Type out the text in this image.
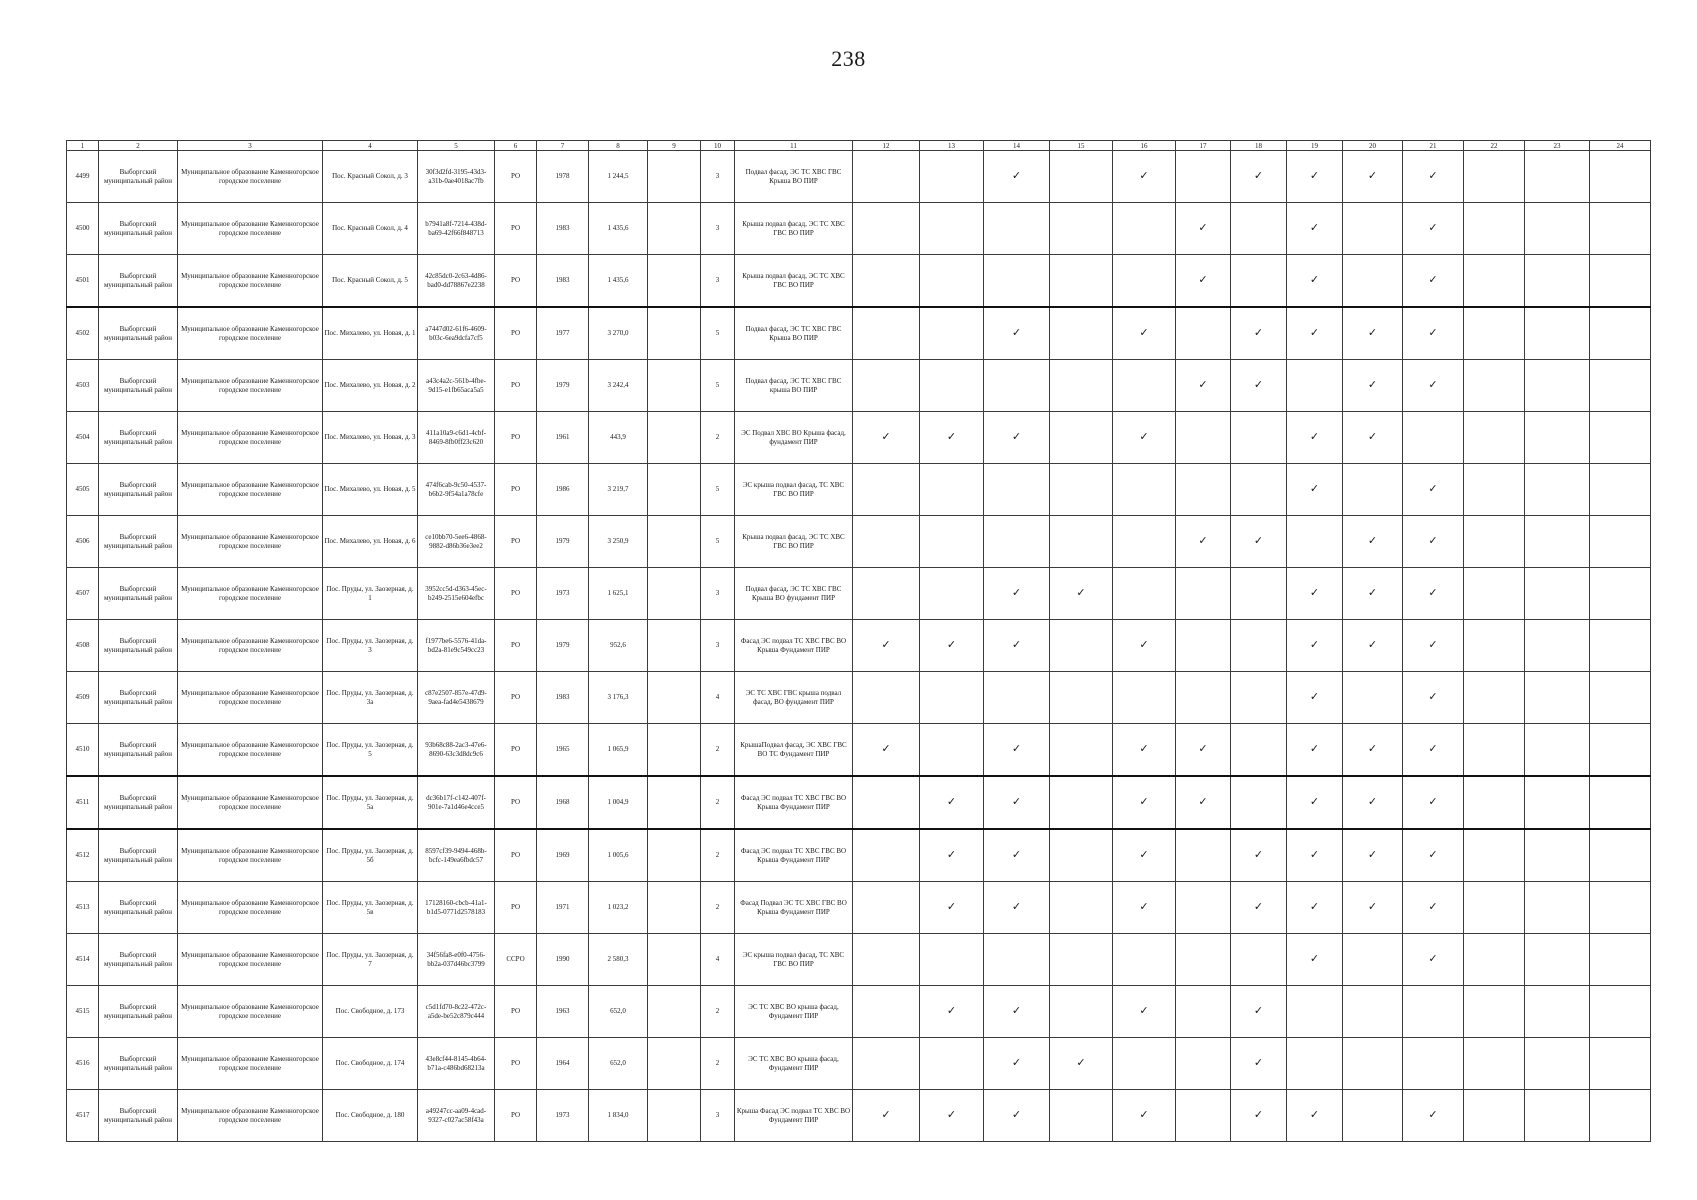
238
1	2	3	4	5	6	7	8	9	10	11	12	13	14	15	16	17	18	19	20	21	22	23	24
4499	Выборгский муниципальный район	Муниципальное образование Каменногорское городское поселение	Пос. Красный Сокол, д. 3	30f3d2fd-3195-43d3-a31b-0ae4018ac7fb	РО	1978	1 244,5		3	Подвал фасад, ЭС ТС ХВС ГВС Крыша ВО ПИР			✓		✓		✓	✓	✓	✓			
4500	Выборгский муниципальный район	Муниципальное образование Каменногорское городское поселение	Пос. Красный Сокол, д. 4	b7941a8f-7214-438d-ba69-42f66f848713	РО	1983	1 435,6		3	Крыша подвал фасад, ЭС ТС ХВС ГВС ВО ПИР						✓		✓		✓			
4501	Выборгский муниципальный район	Муниципальное образование Каменногорское городское поселение	Пос. Красный Сокол, д. 5	42c85dc0-2c63-4d86-bad0-dd78867e2238	РО	1983	1 435,6		3	Крыша подвал фасад, ЭС ТС ХВС ГВС ВО ПИР						✓		✓		✓			
4502	Выборгский муниципальный район	Муниципальное образование Каменногорское городское поселение	Пос. Михалево, ул. Новая, д. 1	a7447d02-61f6-4609-b03c-6ea9dcfa7cf5	РО	1977	3 270,0		5	Подвал фасад, ЭС ТС ХВС ГВС Крыша ВО ПИР			✓		✓		✓	✓	✓	✓			
4503	Выборгский муниципальный район	Муниципальное образование Каменногорское городское поселение	Пос. Михалево, ул. Новая, д. 2	a43c4a2c-561b-4fbe-9d15-e1fb65aca5a5	РО	1979	3 242,4		5	Подвал фасад, ЭС ТС ХВС ГВС крыша ВО ПИР						✓	✓		✓	✓			
4504	Выборгский муниципальный район	Муниципальное образование Каменногорское городское поселение	Пос. Михалево, ул. Новая, д. 3	411a10a9-c6d1-4cbf-8469-8fb0ff23c620	РО	1961	443,9		2	ЭС Подвал ХВС ВО Крыша фасад, фундамент ПИР	✓	✓	✓		✓			✓	✓				
4505	Выборгский муниципальный район	Муниципальное образование Каменногорское городское поселение	Пос. Михалево, ул. Новая, д. 5	474f6cab-9c50-4537-b6b2-9f54a1a78cfe	РО	1986	3 219,7		5	ЭС крыша подвал фасад, ТС ХВС ГВС ВО ПИР								✓		✓			
4506	Выборгский муниципальный район	Муниципальное образование Каменногорское городское поселение	Пос. Михалево, ул. Новая, д. 6	ce10bb70-5ee6-4868-9882-d86b36e3ee2	РО	1979	3 250,9		5	Крыша подвал фасад, ЭС ТС ХВС ГВС ВО ПИР						✓	✓		✓	✓			
4507	Выборгский муниципальный район	Муниципальное образование Каменногорское городское поселение	Пос. Пруды, ул. Заозерная, д. 1	3952cc5d-d363-45ec-b249-2515e604efbc	РО	1973	1 625,1		3	Подвал фасад, ЭС ТС ХВС ГВС Крыша ВО фундамент ПИР			✓	✓				✓	✓	✓			
4508	Выборгский муниципальный район	Муниципальное образование Каменногорское городское поселение	Пос. Пруды, ул. Заозерная, д. 3	f1977be6-5576-41da-bd2a-81e9c549cc23	РО	1979	952,6		3	Фасад ЭС подвал ТС ХВС ГВС ВО Крыша Фундамент ПИР	✓	✓	✓		✓			✓	✓	✓			
4509	Выборгский муниципальный район	Муниципальное образование Каменногорское городское поселение	Пос. Пруды, ул. Заозерная, д. 3а	c87e2507-857e-47d9-9aea-fad4e5438679	РО	1983	3 176,3		4	ЭС ТС ХВС ГВС крыша подвал фасад, ВО фундамент ПИР								✓		✓			
4510	Выборгский муниципальный район	Муниципальное образование Каменногорское городское поселение	Пос. Пруды, ул. Заозерная, д. 5	93b68c88-2ac3-47e6-8690-63c3d8dc9c6	РО	1965	1 065,9		2	КрышаПодвал фасад, ЭС ХВС ГВС ВО ТС Фундамент ПИР	✓		✓		✓	✓		✓	✓	✓			
4511	Выборгский муниципальный район	Муниципальное образование Каменногорское городское поселение	Пос. Пруды, ул. Заозерная, д. 5а	dc36b17f-c142-407f-901e-7a1d46e4cce5	РО	1968	1 004,9		2	Фасад ЭС подвал ТС ХВС ГВС ВО Крыша Фундамент ПИР		✓	✓		✓	✓		✓	✓	✓			
4512	Выборгский муниципальный район	Муниципальное образование Каменногорское городское поселение	Пос. Пруды, ул. Заозерная, д. 5б	8597cf39-9494-468b-bcfc-149ea6fbdc57	РО	1969	1 005,6		2	Фасад ЭС подвал ТС ХВС ГВС ВО Крыша Фундамент ПИР		✓	✓		✓		✓	✓	✓	✓			
4513	Выборгский муниципальный район	Муниципальное образование Каменногорское городское поселение	Пос. Пруды, ул. Заозерная, д. 5в	17128160-cbcb-41a1-b1d5-0771d2578183	РО	1971	1 023,2		2	Фасад Подвал ЭС ТС ХВС ГВС ВО Крыша Фундамент ПИР		✓	✓		✓		✓	✓	✓	✓			
4514	Выборгский муниципальный район	Муниципальное образование Каменногорское городское поселение	Пос. Пруды, ул. Заозерная, д. 7	34f56fa8-e0f0-4756-bb2a-037d46bc3799	ССРО	1990	2 580,3		4	ЭС крыша подвал фасад, ТС ХВС ГВС ВО ПИР								✓		✓			
4515	Выборгский муниципальный район	Муниципальное образование Каменногорское городское поселение	Пос. Свободное, д. 173	c5d1fd70-8c22-472c-a5de-be52c879c444	РО	1963	652,0		2	ЭС ТС ХВС ВО крыша фасад, Фундамент ПИР		✓	✓		✓		✓						
4516	Выборгский муниципальный район	Муниципальное образование Каменногорское городское поселение	Пос. Свободное, д. 174	43e8cf44-8145-4b64-b71a-c486bd68213a	РО	1964	652,0		2	ЭС ТС ХВС ВО крыша фасад, Фундамент ПИР			✓	✓			✓						
4517	Выборгский муниципальный район	Муниципальное образование Каменногорское городское поселение	Пос. Свободное, д. 180	a49247cc-aa09-4cad-9327-c027ac58f43a	РО	1973	1 834,0		3	Крыша Фасад ЭС подвал ТС ХВС ВО Фундамент ПИР	✓	✓	✓		✓		✓	✓		✓			
